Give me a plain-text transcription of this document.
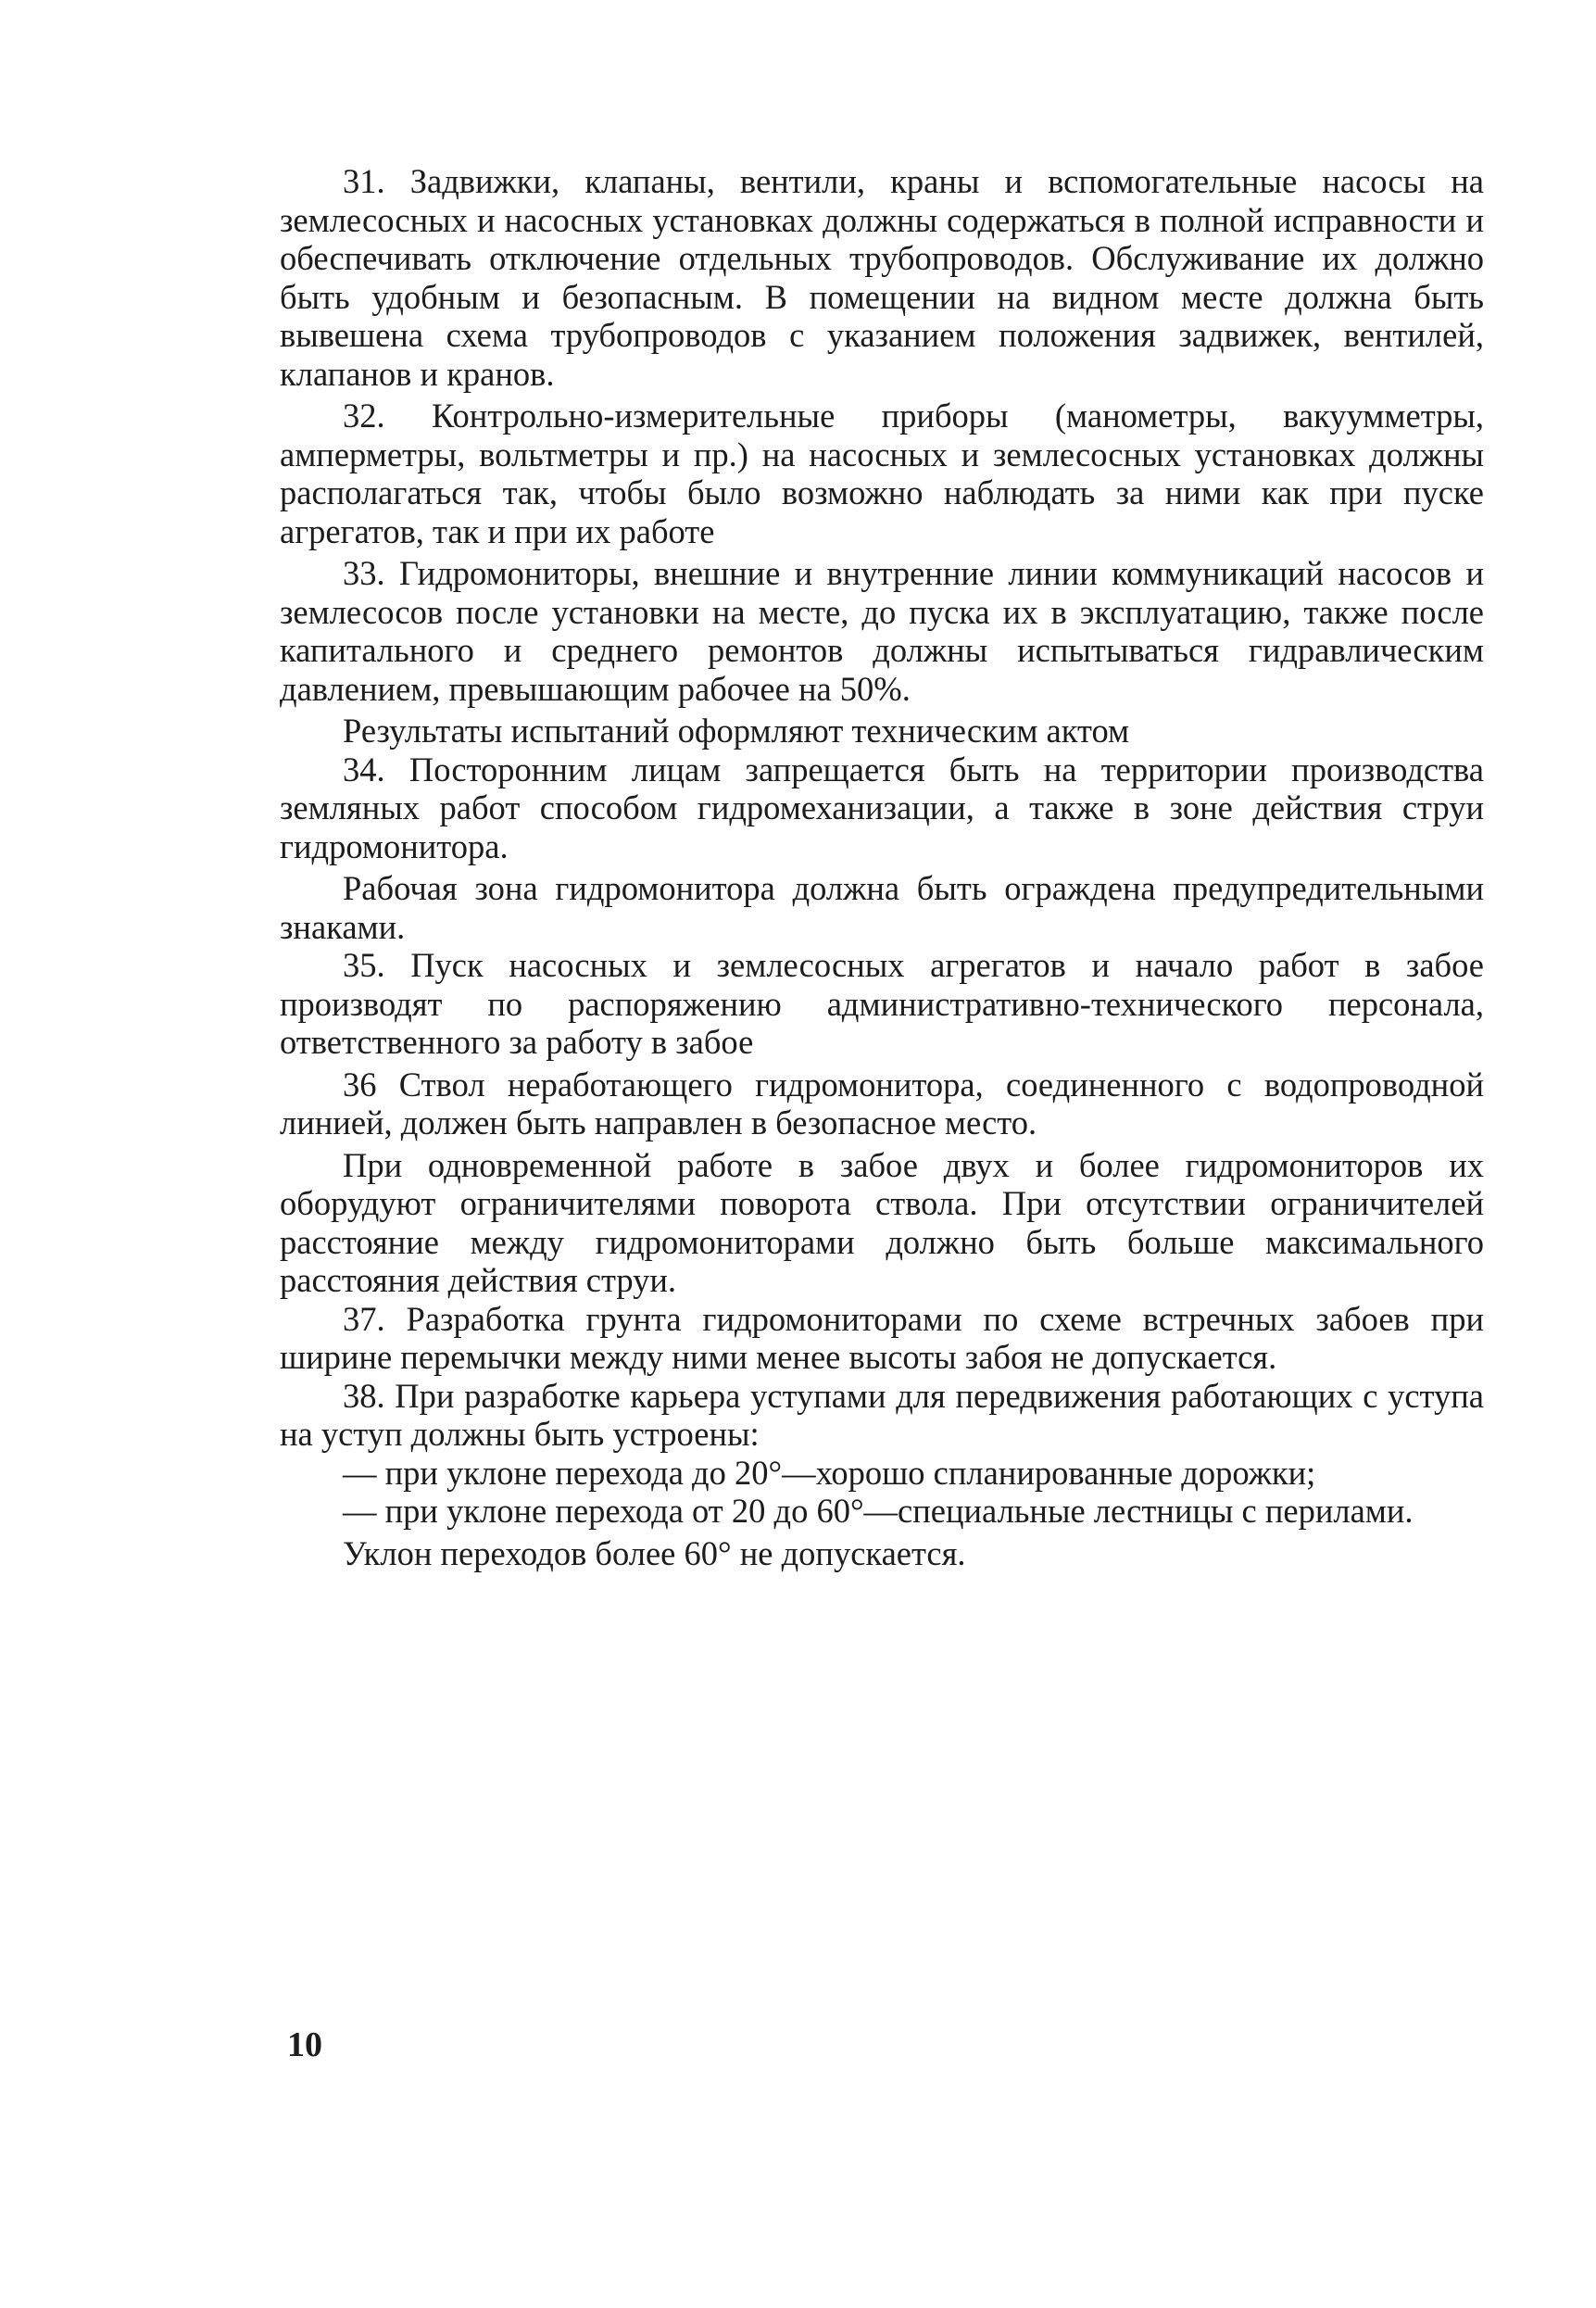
31. Задвижки, клапаны, вентили, краны и вспомогательные насосы на землесосных и насосных установках должны содержаться в полной исправности и обеспечивать отключение отдельных трубопроводов. Обслуживание их должно быть удобным и безопасным. В помещении на видном месте должна быть вывешена схема трубопроводов с указанием положения задвижек, вентилей, клапанов и кранов.

32. Контрольно-измерительные приборы (манометры, вакуумметры, амперметры, вольтметры и пр.) на насосных и землесосных установках должны располагаться так, чтобы было возможно наблюдать за ними как при пуске агрегатов, так и при их работе

33. Гидромониторы, внешние и внутренние линии коммуникаций насосов и землесосов после установки на месте, до пуска их в эксплуатацию, также после капитального и среднего ремонтов должны испытываться гидравлическим давлением, превышающим рабочее на 50%.

Результаты испытаний оформляют техническим актом

34. Посторонним лицам запрещается быть на территории производства земляных работ способом гидромеханизации, а также в зоне действия струи гидромонитора.

Рабочая зона гидромонитора должна быть ограждена предупредительными знаками.

35. Пуск насосных и землесосных агрегатов и начало работ в забое производят по распоряжению административно-технического персонала, ответственного за работу в забое

36 Ствол неработающего гидромонитора, соединенного с водопроводной линией, должен быть направлен в безопасное место.

При одновременной работе в забое двух и более гидромониторов их оборудуют ограничителями поворота ствола. При отсутствии ограничителей расстояние между гидромониторами должно быть больше максимального расстояния действия струи.

37. Разработка грунта гидромониторами по схеме встречных забоев при ширине перемычки между ними менее высоты забоя не допускается.

38. При разработке карьера уступами для передвижения работающих с уступа на уступ должны быть устроены:

— при уклоне перехода до 20°—хорошо спланированные дорожки;

— при уклоне перехода от 20 до 60°—специальные лестницы с перилами.

Уклон переходов более 60° не допускается.

10
